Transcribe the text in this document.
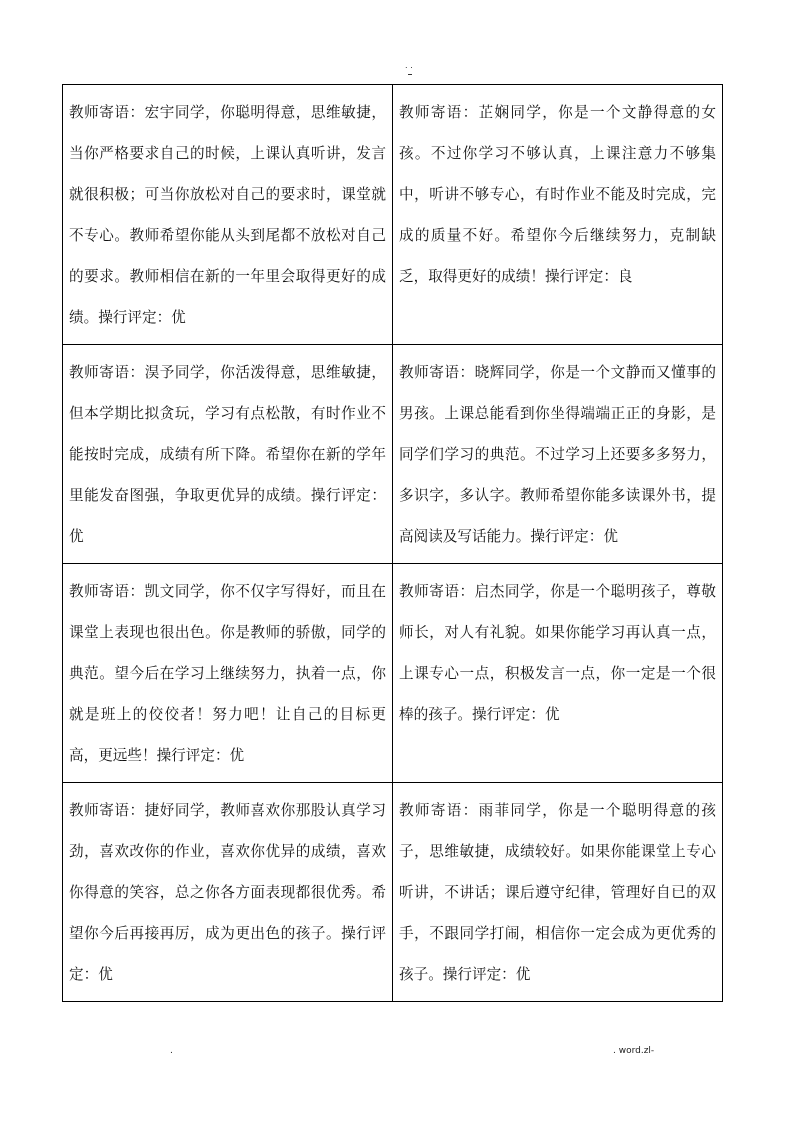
. .
教师寄语：宏宇同学，你聪明得意，思维敏捷，当你严格要求自己的时候，上课认真听讲，发言就很积极；可当你放松对自己的要求时，课堂就不专心。教师希望你能从头到尾都不放松对自己的要求。教师相信在新的一年里会取得更好的成绩。操行评定：优	教师寄语：芷娴同学，你是一个文静得意的女孩。不过你学习不够认真，上课注意力不够集中，听讲不够专心，有时作业不能及时完成，完成的质量不好。希望你今后继续努力，克制缺乏，取得更好的成绩！操行评定：良
教师寄语：淏予同学，你活泼得意，思维敏捷，但本学期比拟贪玩，学习有点松散，有时作业不能按时完成，成绩有所下降。希望你在新的学年里能发奋图强，争取更优异的成绩。操行评定：优	教师寄语：晓辉同学，你是一个文静而又懂事的男孩。上课总能看到你坐得端端正正的身影，是同学们学习的典范。不过学习上还要多多努力，多识字，多认字。教师希望你能多读课外书，提高阅读及写话能力。操行评定：优
教师寄语：凯文同学，你不仅字写得好，而且在课堂上表现也很出色。你是教师的骄傲，同学的典范。望今后在学习上继续努力，执着一点，你就是班上的佼佼者！努力吧！让自己的目标更高，更远些！操行评定：优	教师寄语：启杰同学，你是一个聪明孩子，尊敬师长，对人有礼貌。如果你能学习再认真一点，上课专心一点，积极发言一点，你一定是一个很棒的孩子。操行评定：优
教师寄语：捷妤同学，教师喜欢你那股认真学习劲，喜欢改你的作业，喜欢你优异的成绩，喜欢你得意的笑容，总之你各方面表现都很优秀。希望你今后再接再厉，成为更出色的孩子。操行评定：优	教师寄语：雨菲同学，你是一个聪明得意的孩子，思维敏捷，成绩较好。如果你能课堂上专心听讲，不讲话；课后遵守纪律，管理好自已的双手，不跟同学打闹，相信你一定会成为更优秀的孩子。操行评定：优
.	. word.zl-
